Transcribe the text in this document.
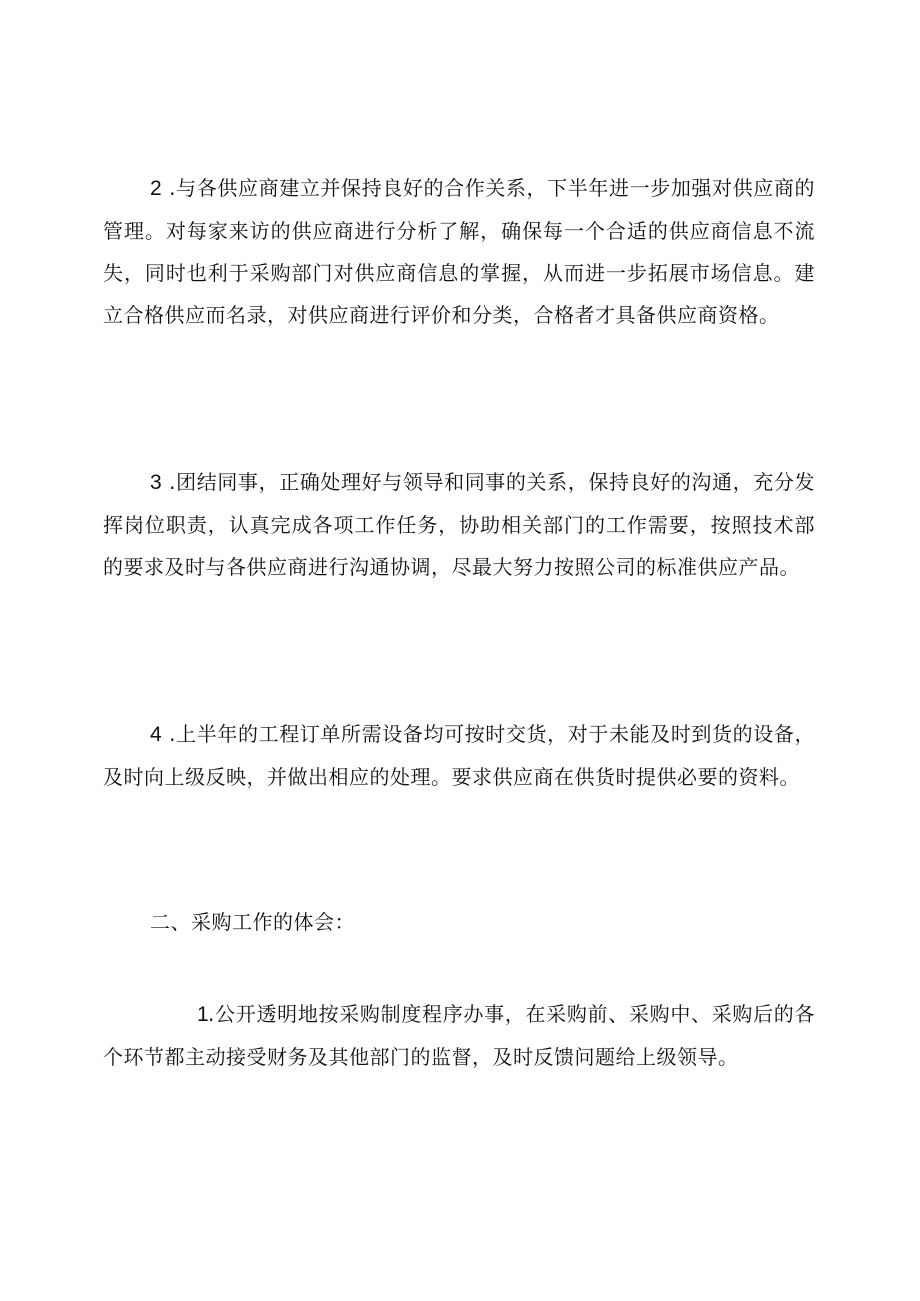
2 .与各供应商建立并保持良好的合作关系，下半年进一步加强对供应商的管理。对每家来访的供应商进行分析了解，确保每一个合适的供应商信息不流失，同时也利于采购部门对供应商信息的掌握，从而进一步拓展市场信息。建立合格供应而名录，对供应商进行评价和分类，合格者才具备供应商资格。

3 .团结同事，正确处理好与领导和同事的关系，保持良好的沟通，充分发挥岗位职责，认真完成各项工作任务，协助相关部门的工作需要，按照技术部的要求及时与各供应商进行沟通协调，尽最大努力按照公司的标准供应产品。

4 .上半年的工程订单所需设备均可按时交货，对于未能及时到货的设备，及时向上级反映，并做出相应的处理。要求供应商在供货时提供必要的资料。

二、采购工作的体会：

1.公开透明地按采购制度程序办事，在采购前、采购中、采购后的各个环节都主动接受财务及其他部门的监督，及时反馈问题给上级领导。
